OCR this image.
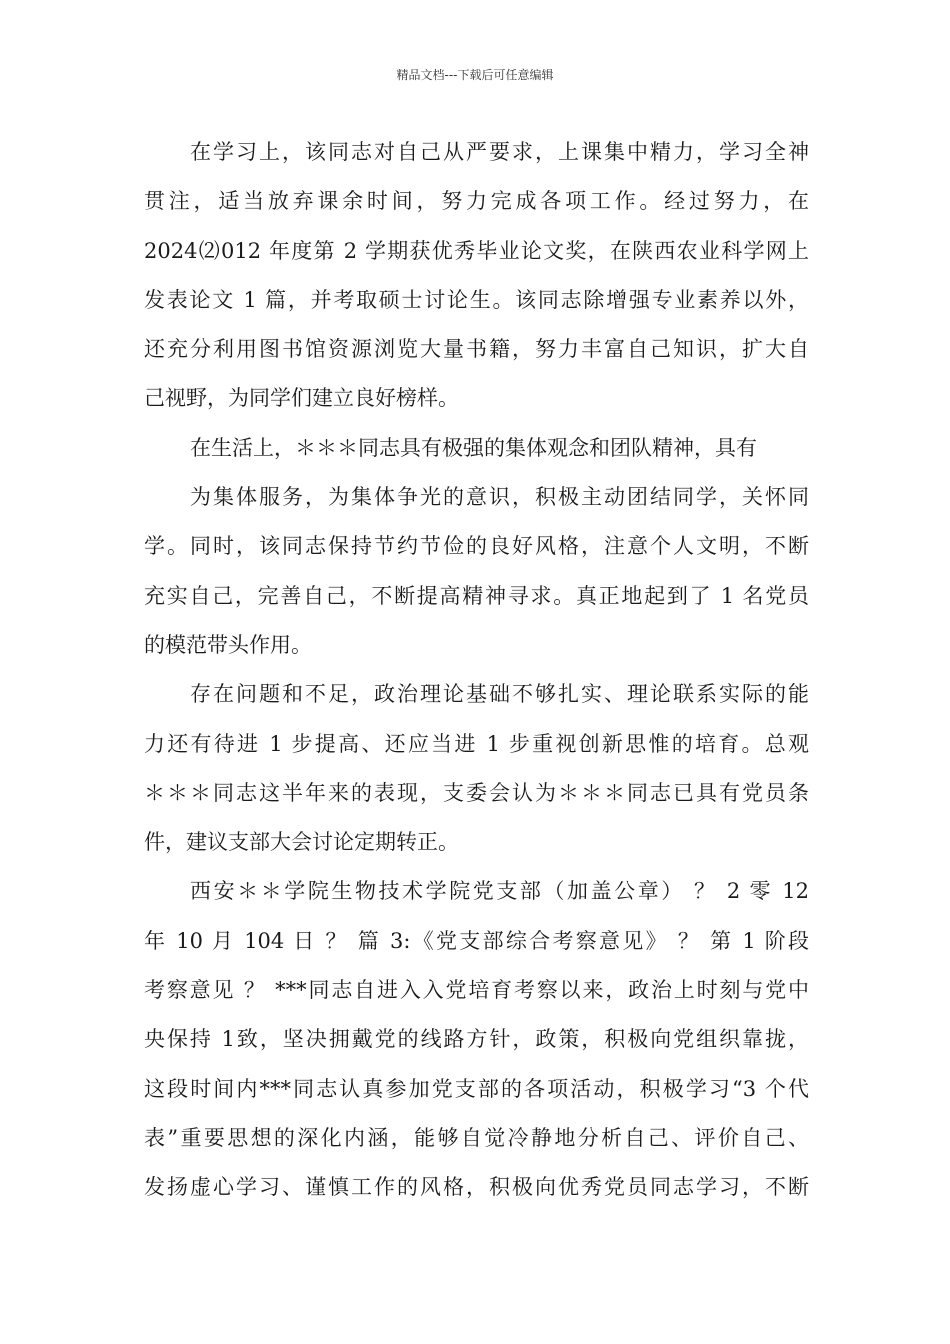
精品文档---下载后可任意编辑
在学习上，该同志对自己从严要求，上课集中精力，学习全神
贯注，适当放弃课余时间，努力完成各项工作。经过努力，在
2024⑵012 年度第 2 学期获优秀毕业论文奖，在陕西农业科学网上
发表论文 1 篇，并考取硕士讨论生。该同志除增强专业素养以外，
还充分利用图书馆资源浏览大量书籍，努力丰富自己知识，扩大自
己视野，为同学们建立良好榜样。
在生活上，＊＊＊同志具有极强的集体观念和团队精神，具有
为集体服务，为集体争光的意识，积极主动团结同学，关怀同
学。同时，该同志保持节约节俭的良好风格，注意个人文明，不断
充实自己，完善自己，不断提高精神寻求。真正地起到了 1 名党员
的模范带头作用。
存在问题和不足，政治理论基础不够扎实、理论联系实际的能
力还有待进 1 步提高、还应当进 1 步重视创新思惟的培育。总观
＊＊＊同志这半年来的表现，支委会认为＊＊＊同志已具有党员条
件，建议支部大会讨论定期转正。
西安＊＊学院生物技术学院党支部（加盖公章） ？ 2 零 12
年 10 月 104 日 ？ 篇 3:《党支部综合考察意见》 ？ 第 1 阶段
考察意见 ？ ***同志自进入入党培育考察以来，政治上时刻与党中
央保持 1致，坚决拥戴党的线路方针，政策，积极向党组织靠拢，
这段时间内***同志认真参加党支部的各项活动，积极学习“3 个代
表”重要思想的深化内涵，能够自觉冷静地分析自己、评价自己、
发扬虚心学习、谨慎工作的风格，积极向优秀党员同志学习，不断
